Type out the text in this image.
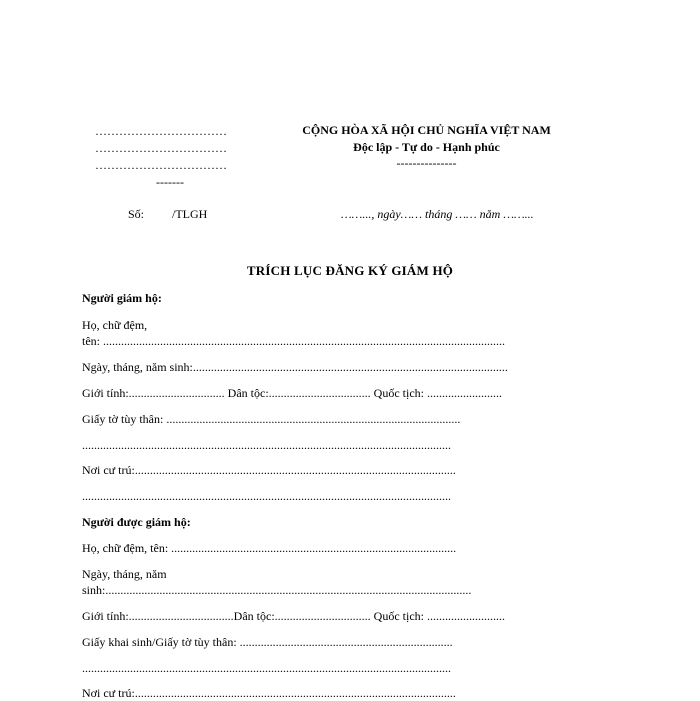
……………………………
……………………………
……………………………
-------
CỘNG HÒA XÃ HỘI CHỦ NGHĨA VIỆT NAM
Độc lập - Tự do - Hạnh phúc
---------------
Số: /TLGH	……..., ngày…… tháng …… năm ……...
TRÍCH LỤC ĐĂNG KÝ GIÁM HỘ
Người giám hộ:
Họ, chữ đệm,
tên: ......................................................................................................................................
Ngày, tháng, năm sinh:.........................................................................................................
Giới tính:................................ Dân tộc:.................................. Quốc tịch: .........................
Giấy tờ tùy thân: ..................................................................................................
...........................................................................................................................
Nơi cư trú:...........................................................................................................
...........................................................................................................................
Người được giám hộ:
Họ, chữ đệm, tên: ...............................................................................................
Ngày, tháng, năm
sinh:..........................................................................................................................
Giới tính:...................................Dân tộc:................................ Quốc tịch: ..........................
Giấy khai sinh/Giấy tờ tùy thân: .......................................................................
...........................................................................................................................
Nơi cư trú:...........................................................................................................
